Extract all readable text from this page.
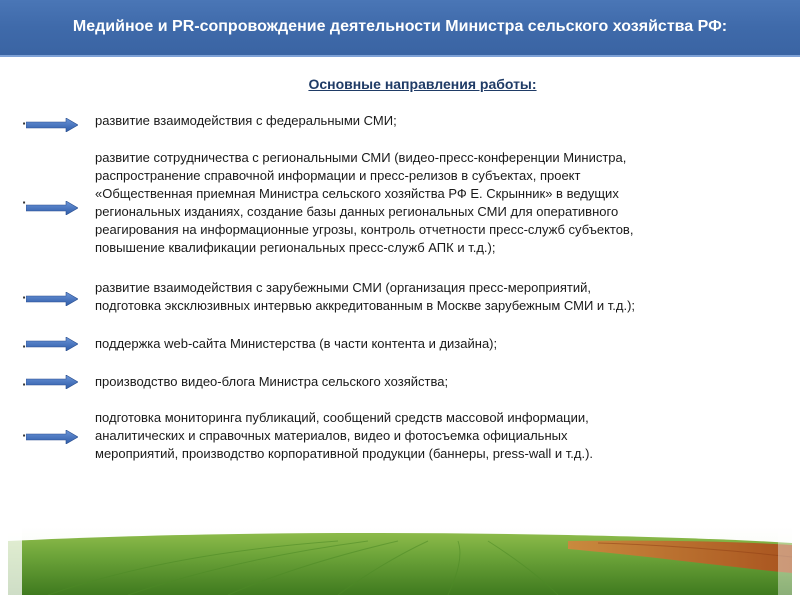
Медийное и PR-сопровождение деятельности Министра сельского хозяйства РФ:
Основные направления работы:
▪	развитие взаимодействия с федеральными СМИ;

▪

развитие сотрудничества с региональными СМИ (видео-пресс-конференции Министра,
распространение справочной информации и пресс-релизов в субъектах, проект
«Общественная приемная Министра сельского хозяйства РФ Е. Скрынник» в ведущих
региональных изданиях, создание базы данных региональных СМИ для оперативного
реагирования на информационные угрозы, контроль отчетности пресс-служб субъектов,
повышение квалификации региональных пресс-служб АПК и т.д.);

▪

развитие взаимодействия с зарубежными СМИ (организация пресс-мероприятий,
подготовка эксклюзивных интервью аккредитованным в Москве зарубежным СМИ и т.д.);

▪	поддержка web-сайта Министерства (в части контента и дизайна);

▪	производство видео-блога Министра сельского хозяйства;

▪

подготовка мониторинга публикаций, сообщений средств массовой информации,
аналитических и справочных материалов, видео и фотосъемка официальных
мероприятий, производство корпоративной продукции (баннеры, press-wall и т.д.).
